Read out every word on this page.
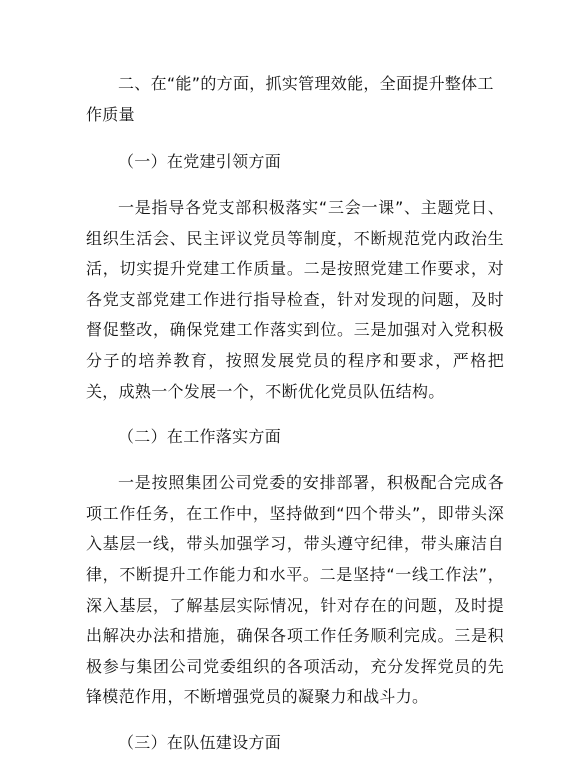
二、在“能”的方面，抓实管理效能，全面提升整体工作质量

（一）在党建引领方面

一是指导各党支部积极落实“三会一课”、主题党日、组织生活会、民主评议党员等制度，不断规范党内政治生活，切实提升党建工作质量。二是按照党建工作要求，对各党支部党建工作进行指导检查，针对发现的问题，及时督促整改，确保党建工作落实到位。三是加强对入党积极分子的培养教育，按照发展党员的程序和要求，严格把关，成熟一个发展一个，不断优化党员队伍结构。

（二）在工作落实方面

一是按照集团公司党委的安排部署，积极配合完成各项工作任务，在工作中，坚持做到“四个带头”，即带头深入基层一线，带头加强学习，带头遵守纪律，带头廉洁自律，不断提升工作能力和水平。二是坚持“一线工作法”，深入基层，了解基层实际情况，针对存在的问题，及时提出解决办法和措施，确保各项工作任务顺利完成。三是积极参与集团公司党委组织的各项活动，充分发挥党员的先锋模范作用，不断增强党员的凝聚力和战斗力。

（三）在队伍建设方面
